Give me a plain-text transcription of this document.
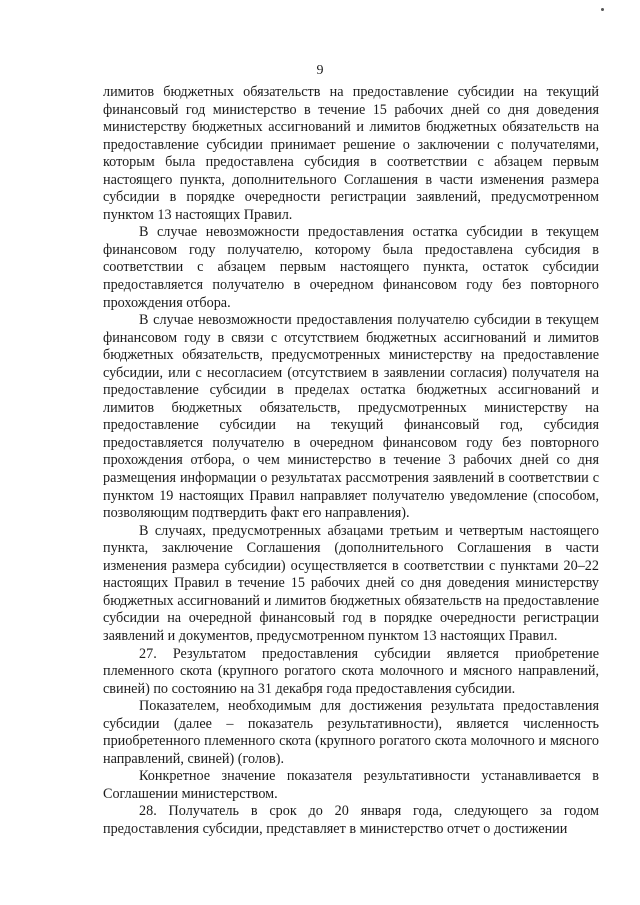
9

лимитов бюджетных обязательств на предоставление субсидии на текущий финансовый год министерство в течение 15 рабочих дней со дня доведения министерству бюджетных ассигнований и лимитов бюджетных обязательств на предоставление субсидии принимает решение о заключении с получателями, которым была предоставлена субсидия в соответствии с абзацем первым настоящего пункта, дополнительного Соглашения в части изменения размера субсидии в порядке очередности регистрации заявлений, предусмотренном пунктом 13 настоящих Правил.

В случае невозможности предоставления остатка субсидии в текущем финансовом году получателю, которому была предоставлена субсидия в соответствии с абзацем первым настоящего пункта, остаток субсидии предоставляется получателю в очередном финансовом году без повторного прохождения отбора.

В случае невозможности предоставления получателю субсидии в текущем финансовом году в связи с отсутствием бюджетных ассигнований и лимитов бюджетных обязательств, предусмотренных министерству на предоставление субсидии, или с несогласием (отсутствием в заявлении согласия) получателя на предоставление субсидии в пределах остатка бюджетных ассигнований и лимитов бюджетных обязательств, предусмотренных министерству на предоставление субсидии на текущий финансовый год, субсидия предоставляется получателю в очередном финансовом году без повторного прохождения отбора, о чем министерство в течение 3 рабочих дней со дня размещения информации о результатах рассмотрения заявлений в соответствии с пунктом 19 настоящих Правил направляет получателю уведомление (способом, позволяющим подтвердить факт его направления).

В случаях, предусмотренных абзацами третьим и четвертым настоящего пункта, заключение Соглашения (дополнительного Соглашения в части изменения размера субсидии) осуществляется в соответствии с пунктами 20–22 настоящих Правил в течение 15 рабочих дней со дня доведения министерству бюджетных ассигнований и лимитов бюджетных обязательств на предоставление субсидии на очередной финансовый год в порядке очередности регистрации заявлений и документов, предусмотренном пунктом 13 настоящих Правил.

27. Результатом предоставления субсидии является приобретение племенного скота (крупного рогатого скота молочного и мясного направлений, свиней) по состоянию на 31 декабря года предоставления субсидии.

Показателем, необходимым для достижения результата предоставления субсидии (далее – показатель результативности), является численность приобретенного племенного скота (крупного рогатого скота молочного и мясного направлений, свиней) (голов).

Конкретное значение показателя результативности устанавливается в Соглашении министерством.

28. Получатель в срок до 20 января года, следующего за годом предоставления субсидии, представляет в министерство отчет о достижении
